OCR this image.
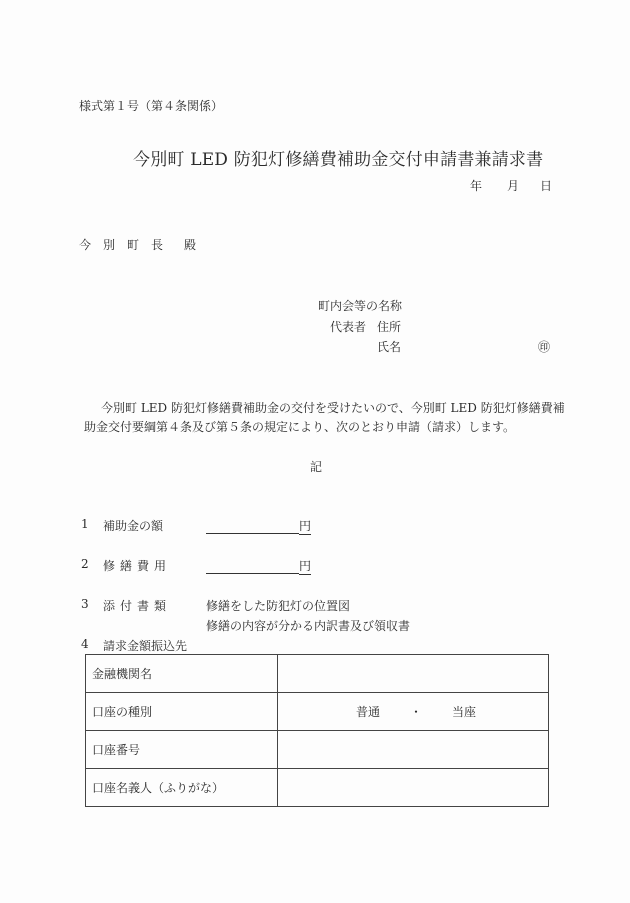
様式第１号（第４条関係）
今別町 LED 防犯灯修繕費補助金交付申請書兼請求書
年 月 日
今別町長 殿
町内会等の名称
代表者 住所
氏名	㊞
今別町 LED 防犯灯修繕費補助金の交付を受けたいので、今別町 LED 防犯灯修繕費補
助金交付要綱第４条及び第５条の規定により、次のとおり申請（請求）します。
記
1 補助金の額	円
2 修繕費用	円
3 添付書類	修繕をした防犯灯の位置図
修繕の内容が分かる内訳書及び領収書
4 請求金額振込先
金融機関名	
口座の種別	普通 ・ 当座
口座番号	
口座名義人（ふりがな）	
